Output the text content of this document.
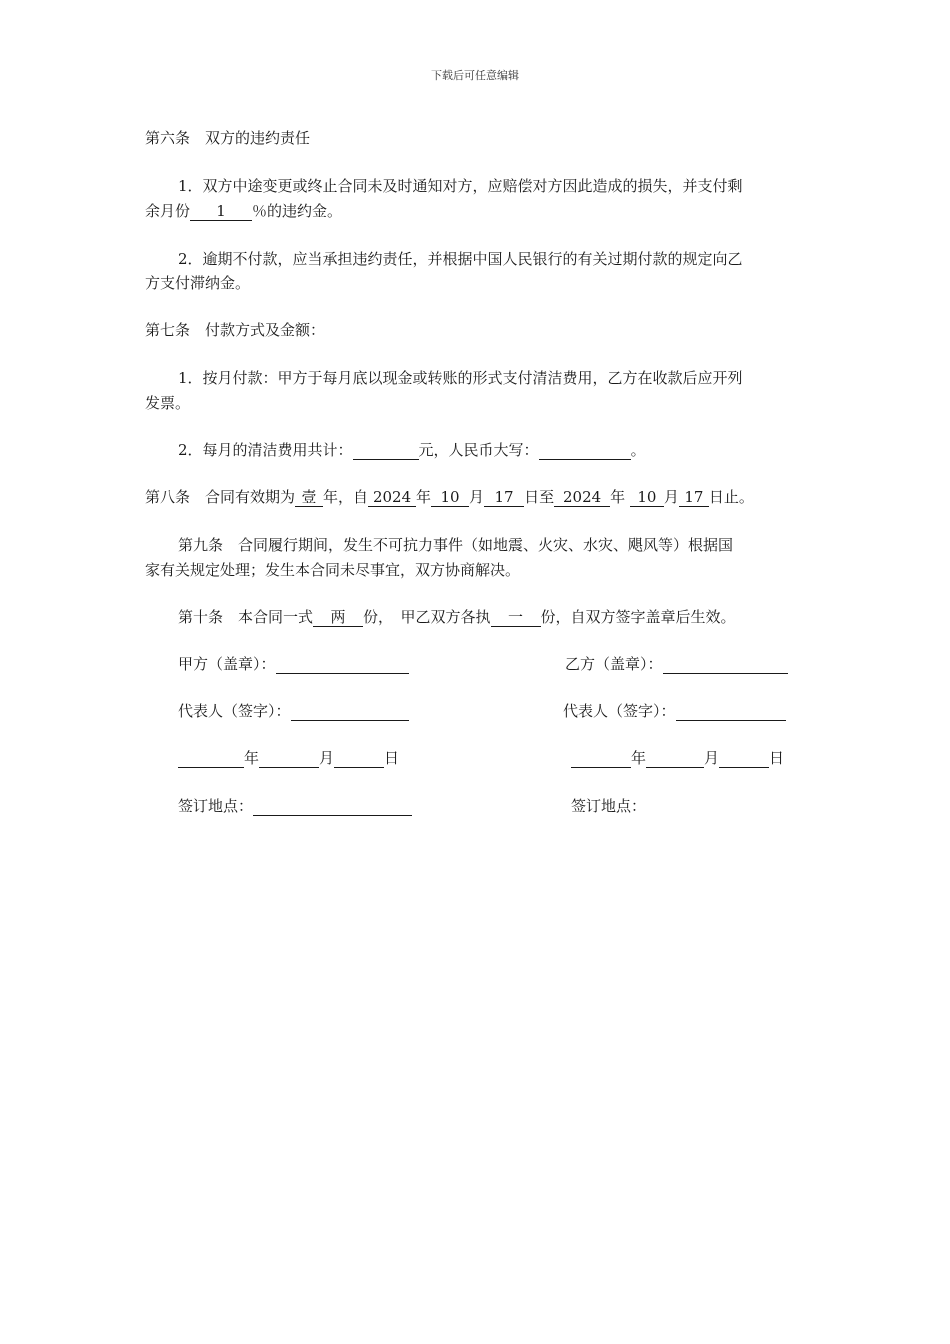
下载后可任意编辑
第六条　双方的违约责任
1．双方中途变更或终止合同未及时通知对方，应赔偿对方因此造成的损失，并支付剩
余月份 1 ％的违约金。
2．逾期不付款，应当承担违约责任，并根据中国人民银行的有关过期付款的规定向乙
方支付滞纳金。
第七条　付款方式及金额：
1．按月付款：甲方于每月底以现金或转账的形式支付清洁费用，乙方在收款后应开列
发票。
2．每月的清洁费用共计：	元，人民币大写：	。
第八条　合同有效期为 壹 年，自 2024 年 10 月 17 日至 2024 年 10 月 17 日止。
第九条　合同履行期间，发生不可抗力事件（如地震、火灾、水灾、飓风等）根据国
家有关规定处理；发生本合同未尽事宜，双方协商解决。
第十条　本合同一式 两 份，　甲乙双方各执 一 份，自双方签字盖章后生效。
甲方（盖章）：	乙方（盖章）：
代表人（签字）：	代表人（签字）：
年	月	日	年	月	日
签订地点：	签订地点：
